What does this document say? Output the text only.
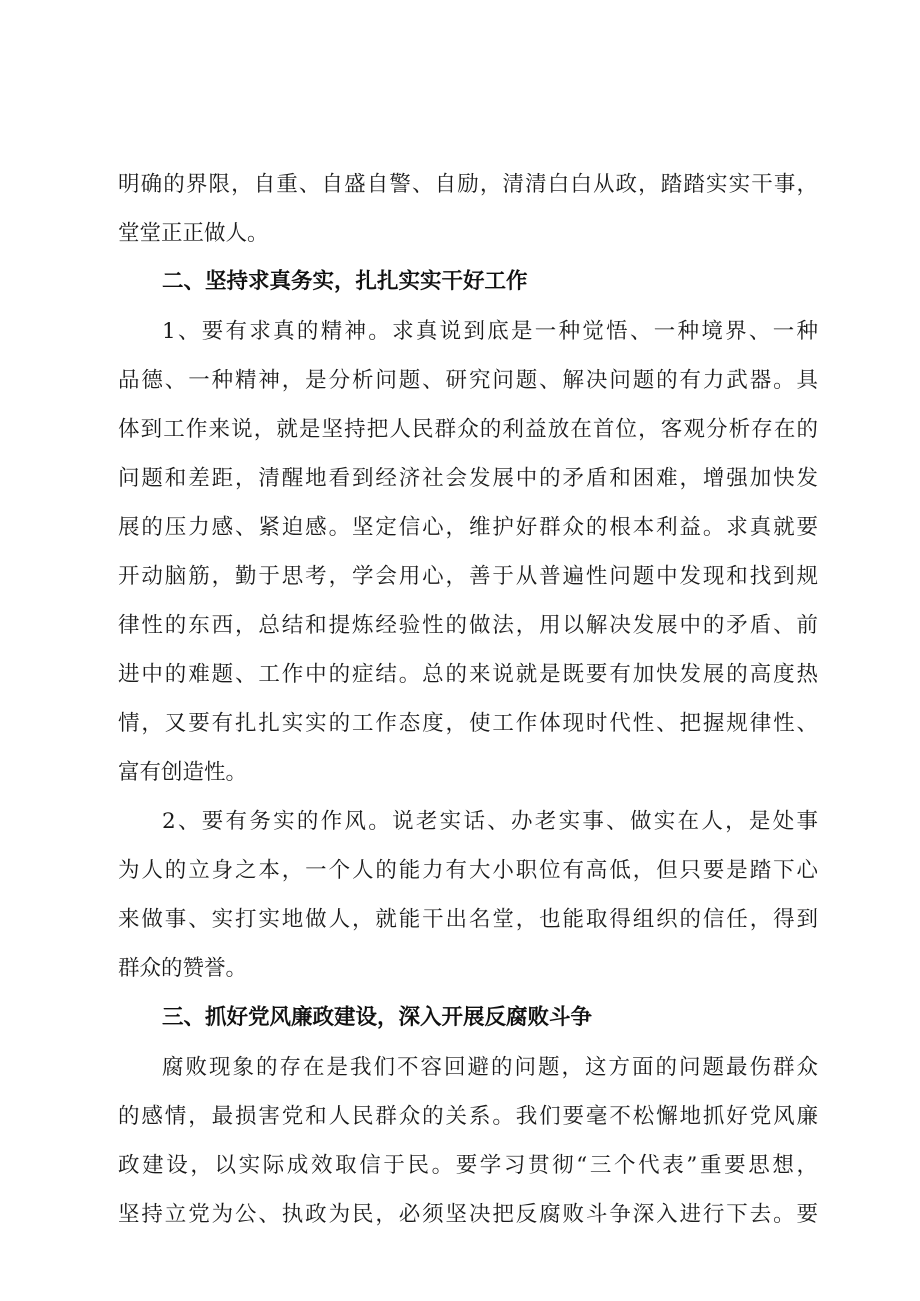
明确的界限，自重、自盛自警、自励，清清白白从政，踏踏实实干事，
堂堂正正做人。
二、坚持求真务实，扎扎实实干好工作
1、要有求真的精神。求真说到底是一种觉悟、一种境界、一种
品德、一种精神，是分析问题、研究问题、解决问题的有力武器。具
体到工作来说，就是坚持把人民群众的利益放在首位，客观分析存在的
问题和差距，清醒地看到经济社会发展中的矛盾和困难，增强加快发
展的压力感、紧迫感。坚定信心，维护好群众的根本利益。求真就要
开动脑筋，勤于思考，学会用心，善于从普遍性问题中发现和找到规
律性的东西，总结和提炼经验性的做法，用以解决发展中的矛盾、前
进中的难题、工作中的症结。总的来说就是既要有加快发展的高度热
情，又要有扎扎实实的工作态度，使工作体现时代性、把握规律性、
富有创造性。
2、要有务实的作风。说老实话、办老实事、做实在人，是处事
为人的立身之本，一个人的能力有大小职位有高低，但只要是踏下心
来做事、实打实地做人，就能干出名堂，也能取得组织的信任，得到
群众的赞誉。
三、抓好党风廉政建设，深入开展反腐败斗争
腐败现象的存在是我们不容回避的问题，这方面的问题最伤群众
的感情，最损害党和人民群众的关系。我们要毫不松懈地抓好党风廉
政建设，以实际成效取信于民。要学习贯彻“三个代表”重要思想，
坚持立党为公、执政为民，必须坚决把反腐败斗争深入进行下去。要
